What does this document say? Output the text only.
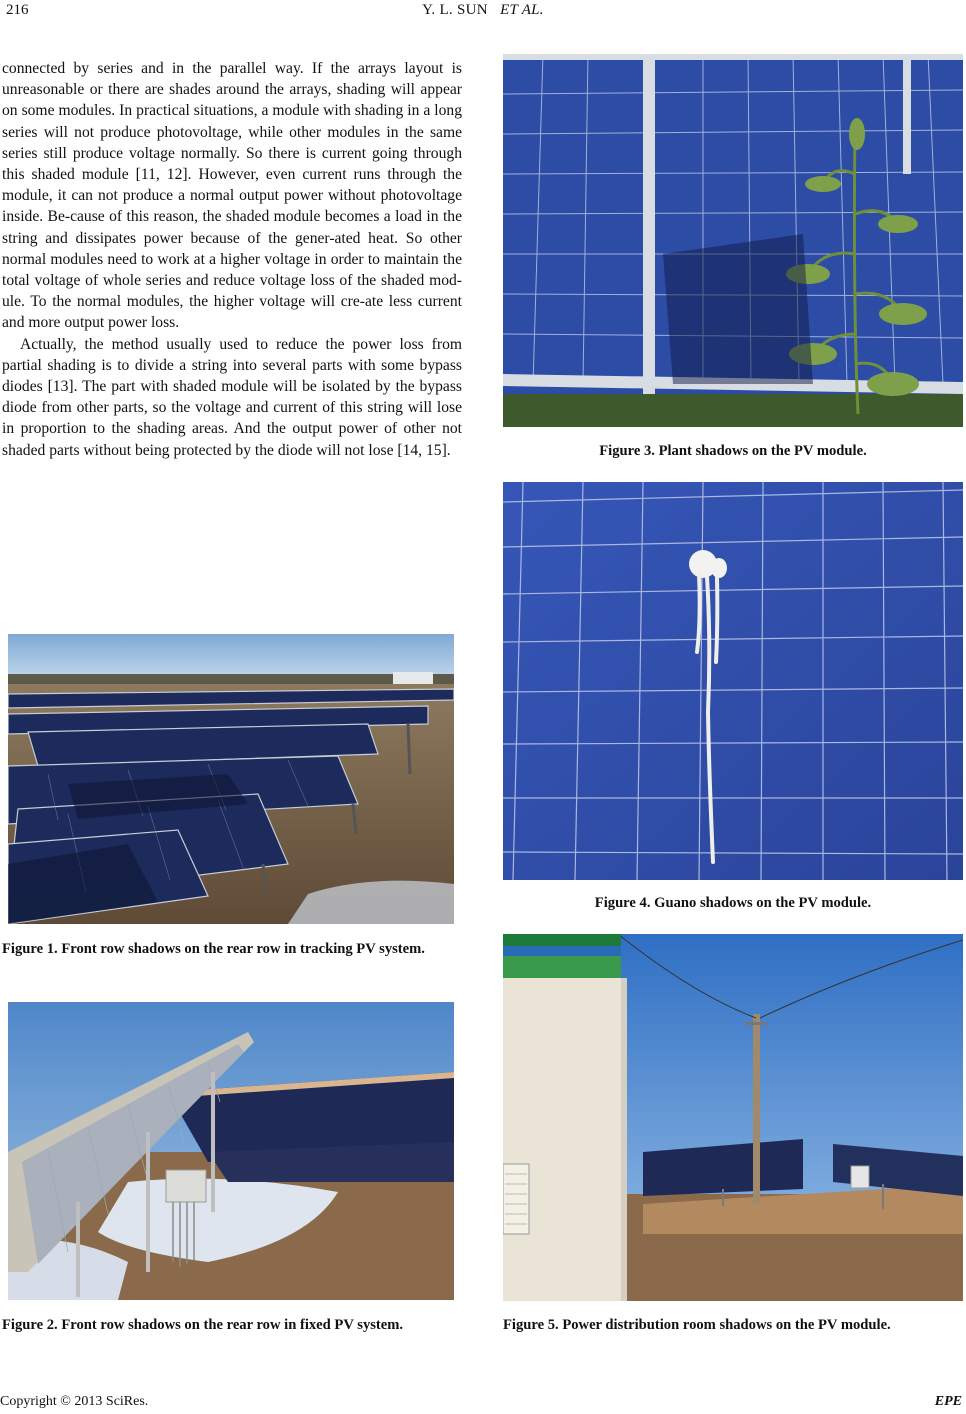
216	Y. L. SUN ET AL.

connected by series and in the parallel way. If the arrays layout is unreasonable or there are shades around the arrays, shading will appear on some modules. In practical situations, a module with shading in a long series will not produce photovoltage, while other modules in the same series still produce voltage normally. So there is current going through this shaded module [11, 12]. However, even current runs through the module, it can not produce a normal output power without photovoltage inside. Be-cause of this reason, the shaded module becomes a load in the string and dissipates power because of the gener-ated heat. So other normal modules need to work at a higher voltage in order to maintain the total voltage of whole series and reduce voltage loss of the shaded mod-ule. To the normal modules, the higher voltage will cre-ate less current and more output power loss.

Actually, the method usually used to reduce the power loss from partial shading is to divide a string into several parts with some bypass diodes [13]. The part with shaded module will be isolated by the bypass diode from other parts, so the voltage and current of this string will lose in proportion to the shading areas. And the output power of other not shaded parts without being protected by the diode will not lose [14, 15].

Figure 1. Front row shadows on the rear row in tracking PV system.
Figure 2. Front row shadows on the rear row in fixed PV system.
Figure 3. Plant shadows on the PV module.
Figure 4. Guano shadows on the PV module.
Figure 5. Power distribution room shadows on the PV module.
Copyright © 2013 SciRes.	EPE
